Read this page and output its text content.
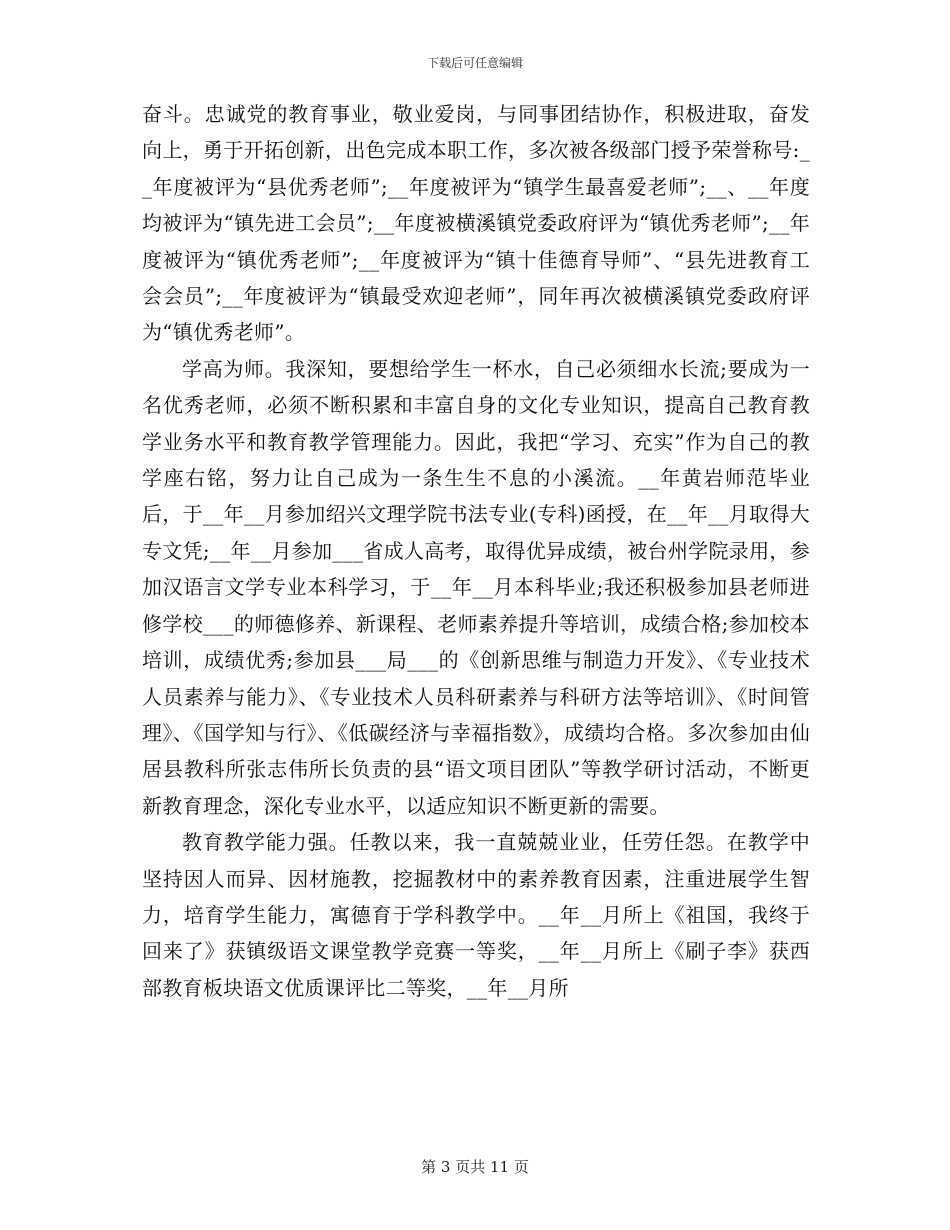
下载后可任意编辑

奋斗。忠诚党的教育事业，敬业爱岗，与同事团结协作，积极进取，奋发向上，勇于开拓创新，出色完成本职工作，多次被各级部门授予荣誉称号:__年度被评为“县优秀老师”;__年度被评为“镇学生最喜爱老师”;__、__年度均被评为“镇先进工会员”;__年度被横溪镇党委政府评为“镇优秀老师”;__年度被评为“镇优秀老师”;__年度被评为“镇十佳德育导师”、“县先进教育工会会员”;__年度被评为“镇最受欢迎老师”，同年再次被横溪镇党委政府评为“镇优秀老师”。

学高为师。我深知，要想给学生一杯水，自己必须细水长流;要成为一名优秀老师，必须不断积累和丰富自身的文化专业知识，提高自己教育教学业务水平和教育教学管理能力。因此，我把“学习、充实”作为自己的教学座右铭，努力让自己成为一条生生不息的小溪流。__年黄岩师范毕业后，于__年__月参加绍兴文理学院书法专业(专科)函授，在__年__月取得大专文凭;__年__月参加___省成人高考，取得优异成绩，被台州学院录用，参加汉语言文学专业本科学习，于__年__月本科毕业;我还积极参加县老师进修学校___的师德修养、新课程、老师素养提升等培训，成绩合格;参加校本培训，成绩优秀;参加县___局___的《创新思维与制造力开发》、《专业技术人员素养与能力》、《专业技术人员科研素养与科研方法等培训》、《时间管理》、《国学知与行》、《低碳经济与幸福指数》，成绩均合格。多次参加由仙居县教科所张志伟所长负责的县“语文项目团队”等教学研讨活动，不断更新教育理念，深化专业水平，以适应知识不断更新的需要。

教育教学能力强。任教以来，我一直兢兢业业，任劳任怨。在教学中坚持因人而异、因材施教，挖掘教材中的素养教育因素，注重进展学生智力，培育学生能力，寓德育于学科教学中。__年__月所上《祖国，我终于回来了》获镇级语文课堂教学竞赛一等奖，__年__月所上《刷子李》获西部教育板块语文优质课评比二等奖，__年__月所

第 3 页共 11 页
